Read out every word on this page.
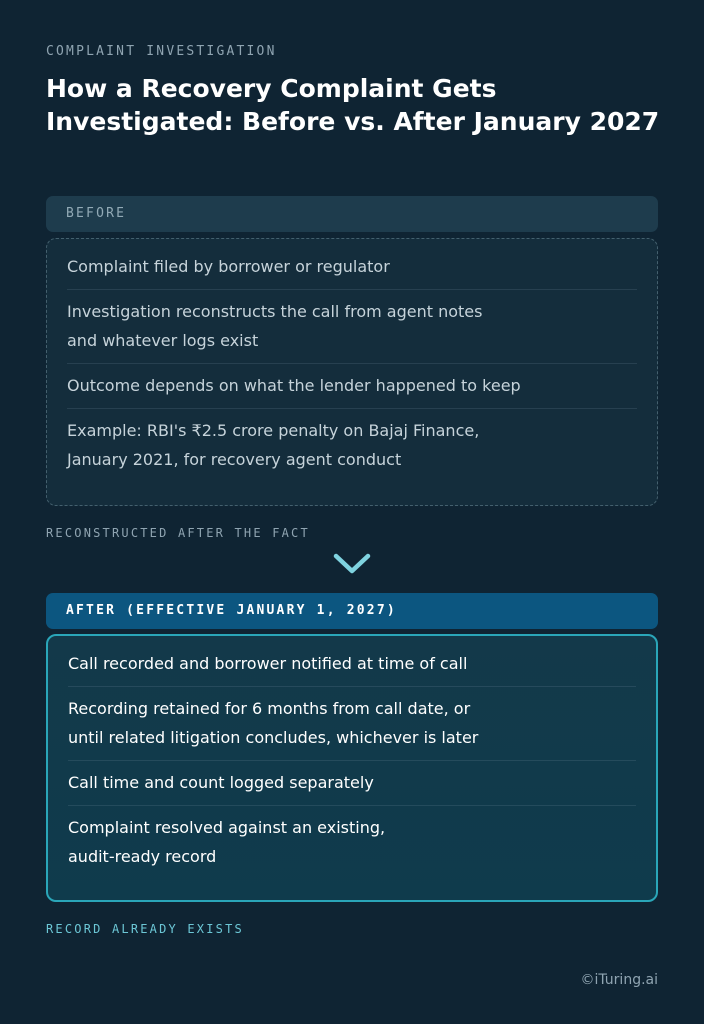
COMPLAINT INVESTIGATION
How a Recovery Complaint Gets Investigated: Before vs. After January 2027
BEFORE
Complaint filed by borrower or regulator
Investigation reconstructs the call from agent notes and whatever logs exist
Outcome depends on what the lender happened to keep
Example: RBI's ₹2.5 crore penalty on Bajaj Finance, January 2021, for recovery agent conduct
RECONSTRUCTED AFTER THE FACT
AFTER (EFFECTIVE JANUARY 1, 2027)
Call recorded and borrower notified at time of call
Recording retained for 6 months from call date, or until related litigation concludes, whichever is later
Call time and count logged separately
Complaint resolved against an existing, audit-ready record
RECORD ALREADY EXISTS
©iTuring.ai
